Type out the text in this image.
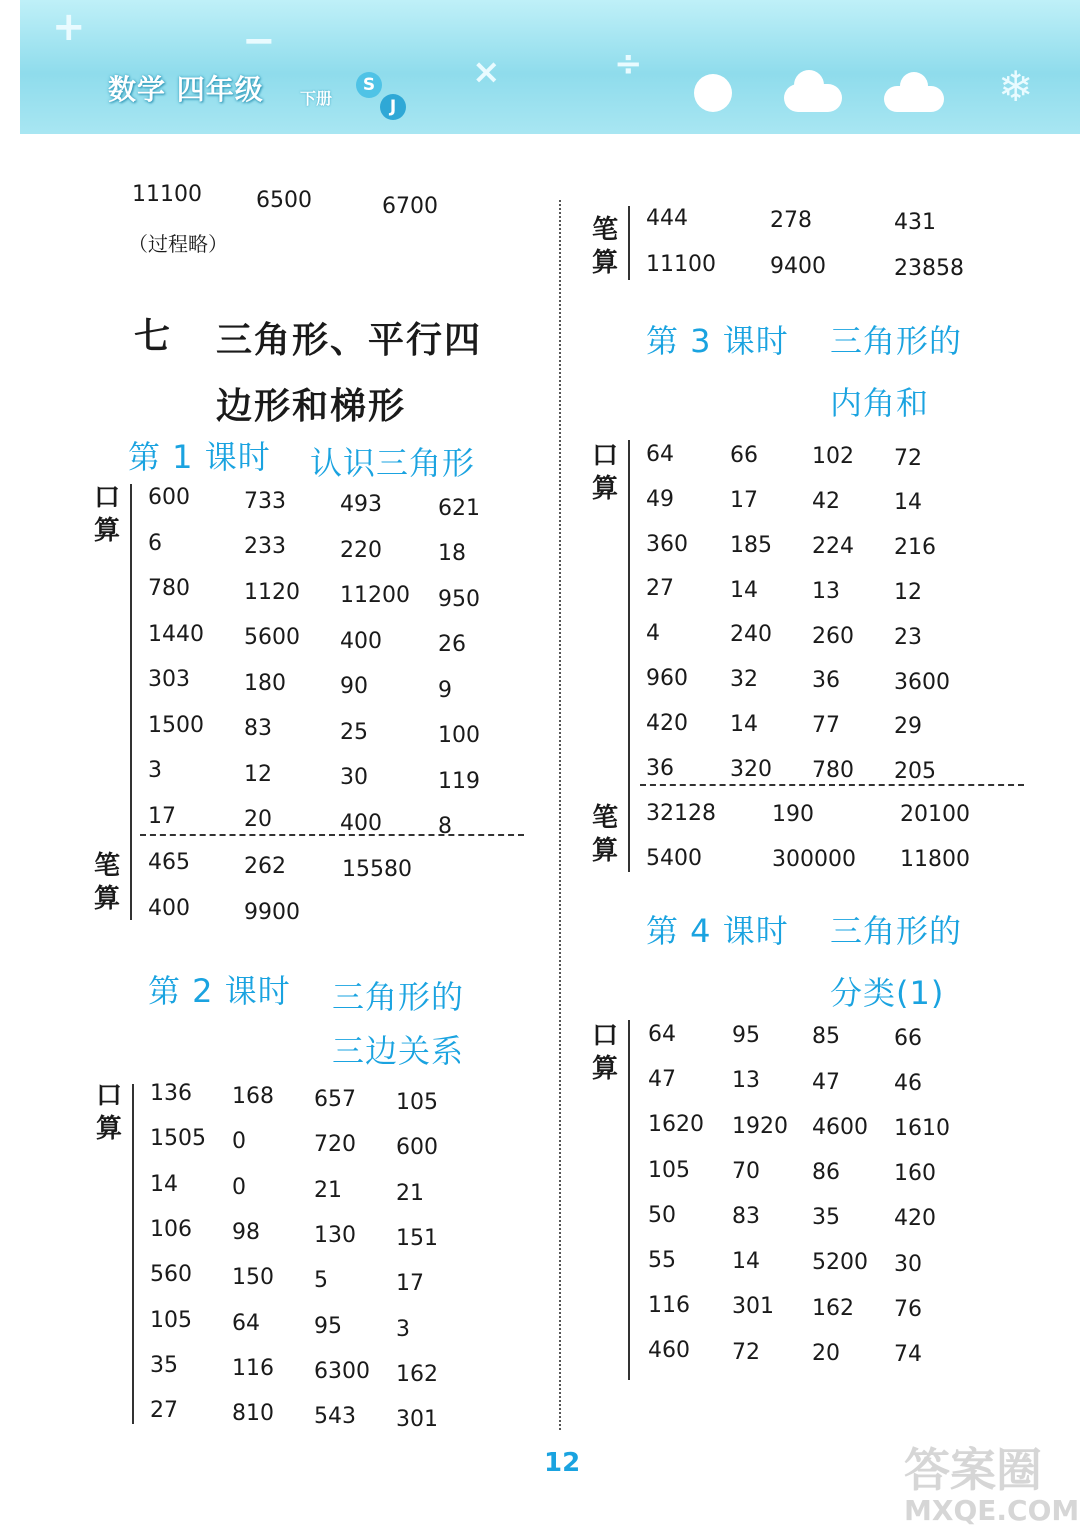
+	−
×	÷	❄
数学 四年级 下册
S
J
11100 6500	6700
（过程略）
七 三角形、平行四
边形和梯形
第 1 课时 认识三角形
口算
笔算
第 2 课时 三角形的
三边关系
口算
笔算
第 3 课时 三角形的
内角和
口算
笔算
第 4 课时 三角形的
分类(1)
口算
12	答案圈
MXQE.COM
600 733 493	621
6	233 220	18
780 1120 11200 950
1440 5600 400	26
303 180 90	9
1500 83	25	100
3	12	30	119
17	20	400	8
465 262	15580
400 9900
136 168 657 105
1505 0	720 600
14 0	21 21
106 98 130 151
560 150 5	17
105 64 95 3
35 116 6300 162
27 810 543 301
444	278	431
11100 9400	23858
64	66 102 72
49	17 42 14
360 185 224 216
27	14 13 12
4	240 260 23
960 32 36 3600
420 14 77 29
36	320 780 205
32128	190	20100
5400	300000 11800
64	95 85 66
47	13 47 46
1620 1920 4600 1610
105 70 86 160
50	83 35 420
55	14 5200 30
116 301 162 76
460 72 20 74
